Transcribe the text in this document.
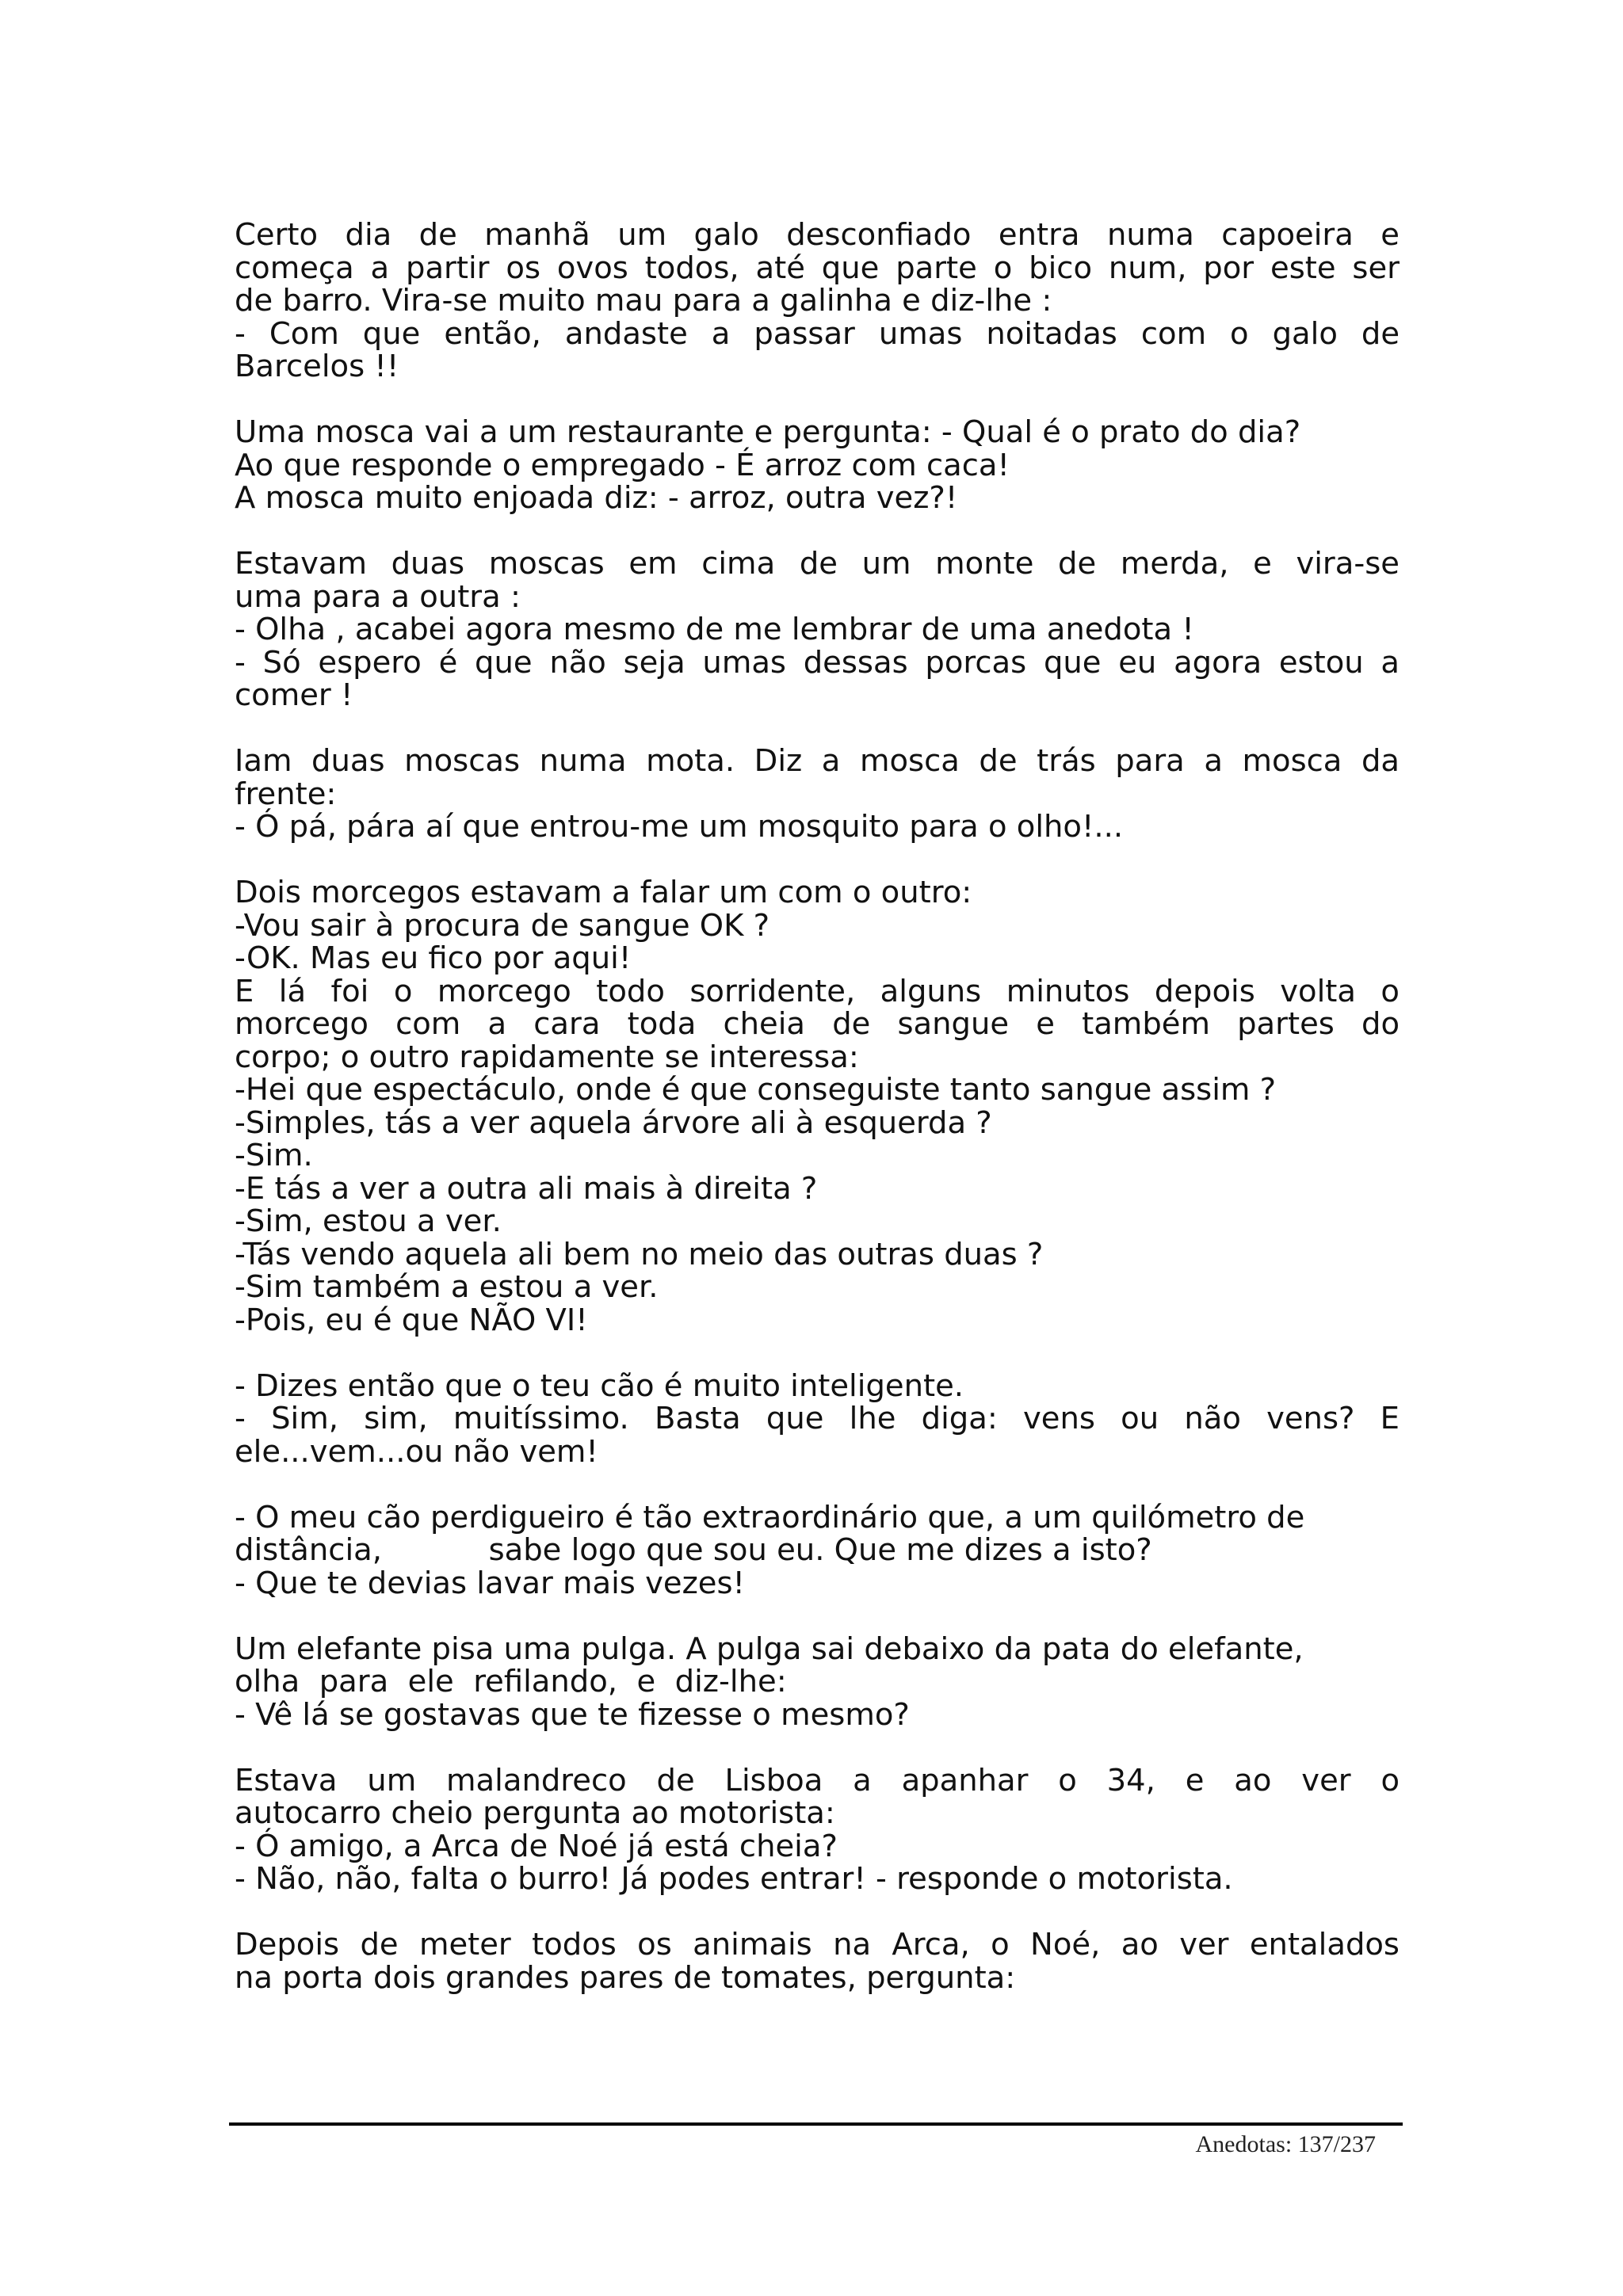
Certo dia de manhã um galo desconfiado entra numa capoeira e
começa a partir os ovos todos, até que parte o bico num, por este ser
de barro. Vira-se muito mau para a galinha e diz-lhe :
- Com que então, andaste a passar umas noitadas com o galo de
Barcelos !!
Uma mosca vai a um restaurante e pergunta: - Qual é o prato do dia?
Ao que responde o empregado - É arroz com caca!
A mosca muito enjoada diz: - arroz, outra vez?!
Estavam duas moscas em cima de um monte de merda, e vira-se
uma para a outra :
- Olha , acabei agora mesmo de me lembrar de uma anedota !
- Só espero é que não seja umas dessas porcas que eu agora estou a
comer !
Iam duas moscas numa mota. Diz a mosca de trás para a mosca da
frente:
- Ó pá, pára aí que entrou-me um mosquito para o olho!...
Dois morcegos estavam a falar um com o outro:
-Vou sair à procura de sangue OK ?
-OK. Mas eu fico por aqui!
E lá foi o morcego todo sorridente, alguns minutos depois volta o
morcego com a cara toda cheia de sangue e também partes do
corpo; o outro rapidamente se interessa:
-Hei que espectáculo, onde é que conseguiste tanto sangue assim ?
-Simples, tás a ver aquela árvore ali à esquerda ?
-Sim.
-E tás a ver a outra ali mais à direita ?
-Sim, estou a ver.
-Tás vendo aquela ali bem no meio das outras duas ?
-Sim também a estou a ver.
-Pois, eu é que NÃO VI!
- Dizes então que o teu cão é muito inteligente.
- Sim, sim, muitíssimo. Basta que lhe diga: vens ou não vens? E
ele...vem...ou não vem!
- O meu cão perdigueiro é tão extraordinário que, a um quilómetro de
distância,           sabe logo que sou eu. Que me dizes a isto?
- Que te devias lavar mais vezes!
Um elefante pisa uma pulga. A pulga sai debaixo da pata do elefante,
olha  para  ele  refilando,  e  diz-lhe:
- Vê lá se gostavas que te fizesse o mesmo?
Estava um malandreco de Lisboa a apanhar o 34, e ao ver o
autocarro cheio pergunta ao motorista:
- Ó amigo, a Arca de Noé já está cheia?
- Não, não, falta o burro! Já podes entrar! - responde o motorista.
Depois de meter todos os animais na Arca, o Noé, ao ver entalados
na porta dois grandes pares de tomates, pergunta:
Anedotas: 137/237
